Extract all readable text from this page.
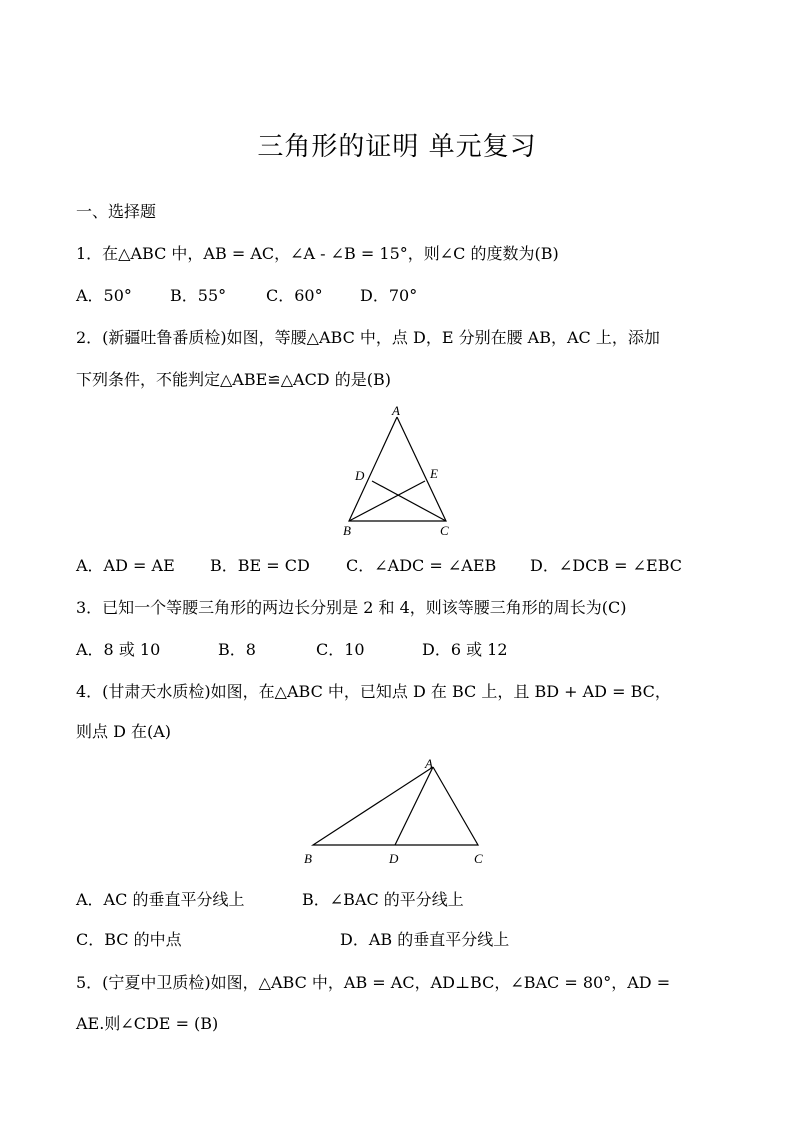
三角形的证明 单元复习
一、选择题
1．在△ABC 中，AB = AC，∠A - ∠B = 15°，则∠C 的度数为(B)
A．50° B．55° C．60° D．70°
2．(新疆吐鲁番质检)如图，等腰△ABC 中，点 D，E 分别在腰 AB，AC 上，添加
下列条件，不能判定△ABE≌△ACD 的是(B)
A
D	E
B	C
A．AD = AE B．BE = CD C．∠ADC = ∠AEB D．∠DCB = ∠EBC
3．已知一个等腰三角形的两边长分别是 2 和 4，则该等腰三角形的周长为(C)
A．8 或 10	B．8	C．10	D．6 或 12
4．(甘肃天水质检)如图，在△ABC 中，已知点 D 在 BC 上，且 BD + AD = BC，
则点 D 在(A)
A
B	D	C
A．AC 的垂直平分线上	B．∠BAC 的平分线上
C．BC 的中点	D．AB 的垂直平分线上
5．(宁夏中卫质检)如图，△ABC 中，AB = AC，AD⊥BC，∠BAC = 80°，AD =
AE.则∠CDE = (B)
